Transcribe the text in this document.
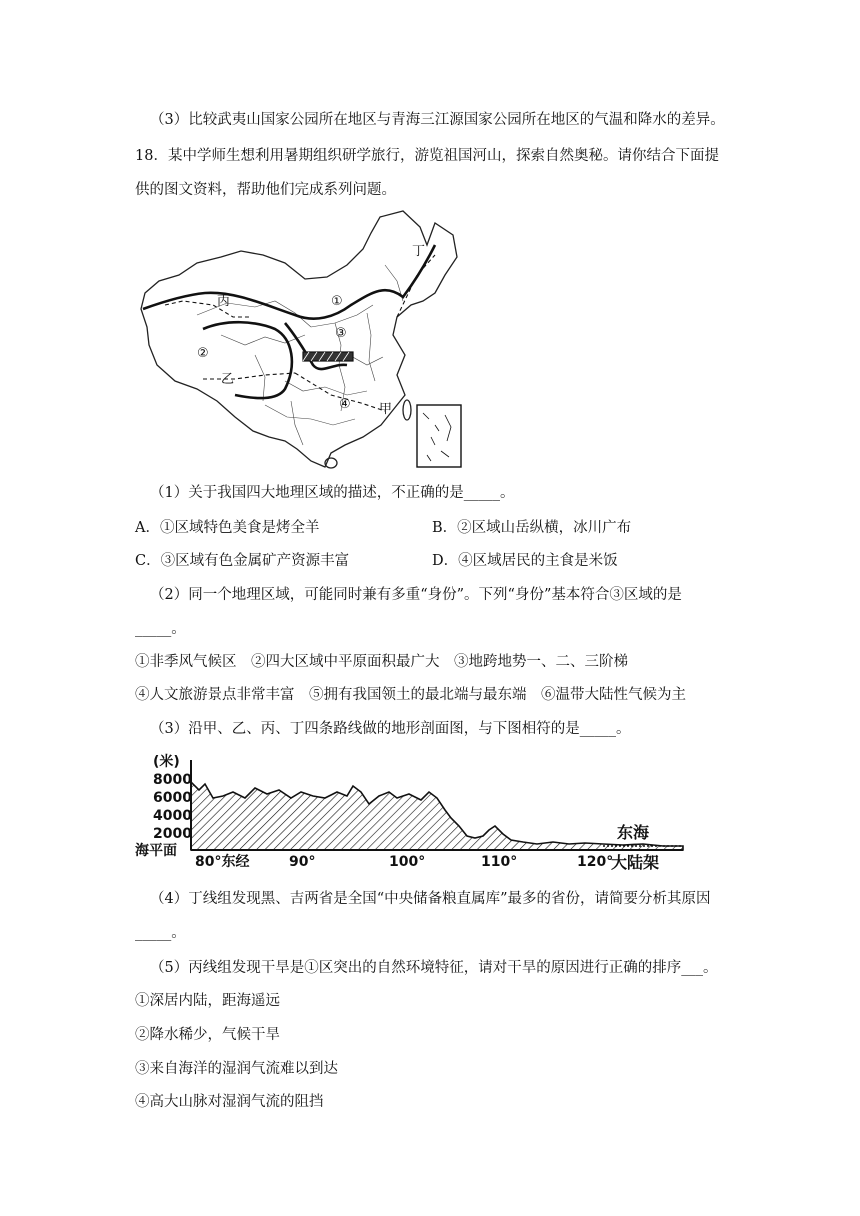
（3）比较武夷山国家公园所在地区与青海三江源国家公园所在地区的气温和降水的差异。
18．某中学师生想利用暑期组织研学旅行，游览祖国河山，探索自然奥秘。请你结合下面提
供的图文资料，帮助他们完成系列问题。
丁
丙	①
③
②
乙
④ 甲
（1）关于我国四大地理区域的描述，不正确的是_____。
A．①区域特色美食是烤全羊	B．②区域山岳纵横，冰川广布
C．③区域有色金属矿产资源丰富	D．④区域居民的主食是米饭
（2）同一个地理区域，可能同时兼有多重“身份”。下列“身份”基本符合③区域的是
_____。
①非季风气候区　②四大区域中平原面积最广大　③地跨地势一、二、三阶梯
④人文旅游景点非常丰富　⑤拥有我国领土的最北端与最东端　⑥温带大陆性气候为主
（3）沿甲、乙、丙、丁四条路线做的地形剖面图，与下图相符的是_____。
(米)
8000
6000
4000
2000
海平面
80°东经	90°	100°	110°	120°
东海
大陆架
（4）丁线组发现黑、吉两省是全国“中央储备粮直属库”最多的省份，请简要分析其原因
_____。
（5）丙线组发现干旱是①区突出的自然环境特征，请对干旱的原因进行正确的排序___。
①深居内陆，距海遥远
②降水稀少，气候干旱
③来自海洋的湿润气流难以到达
④高大山脉对湿润气流的阻挡
